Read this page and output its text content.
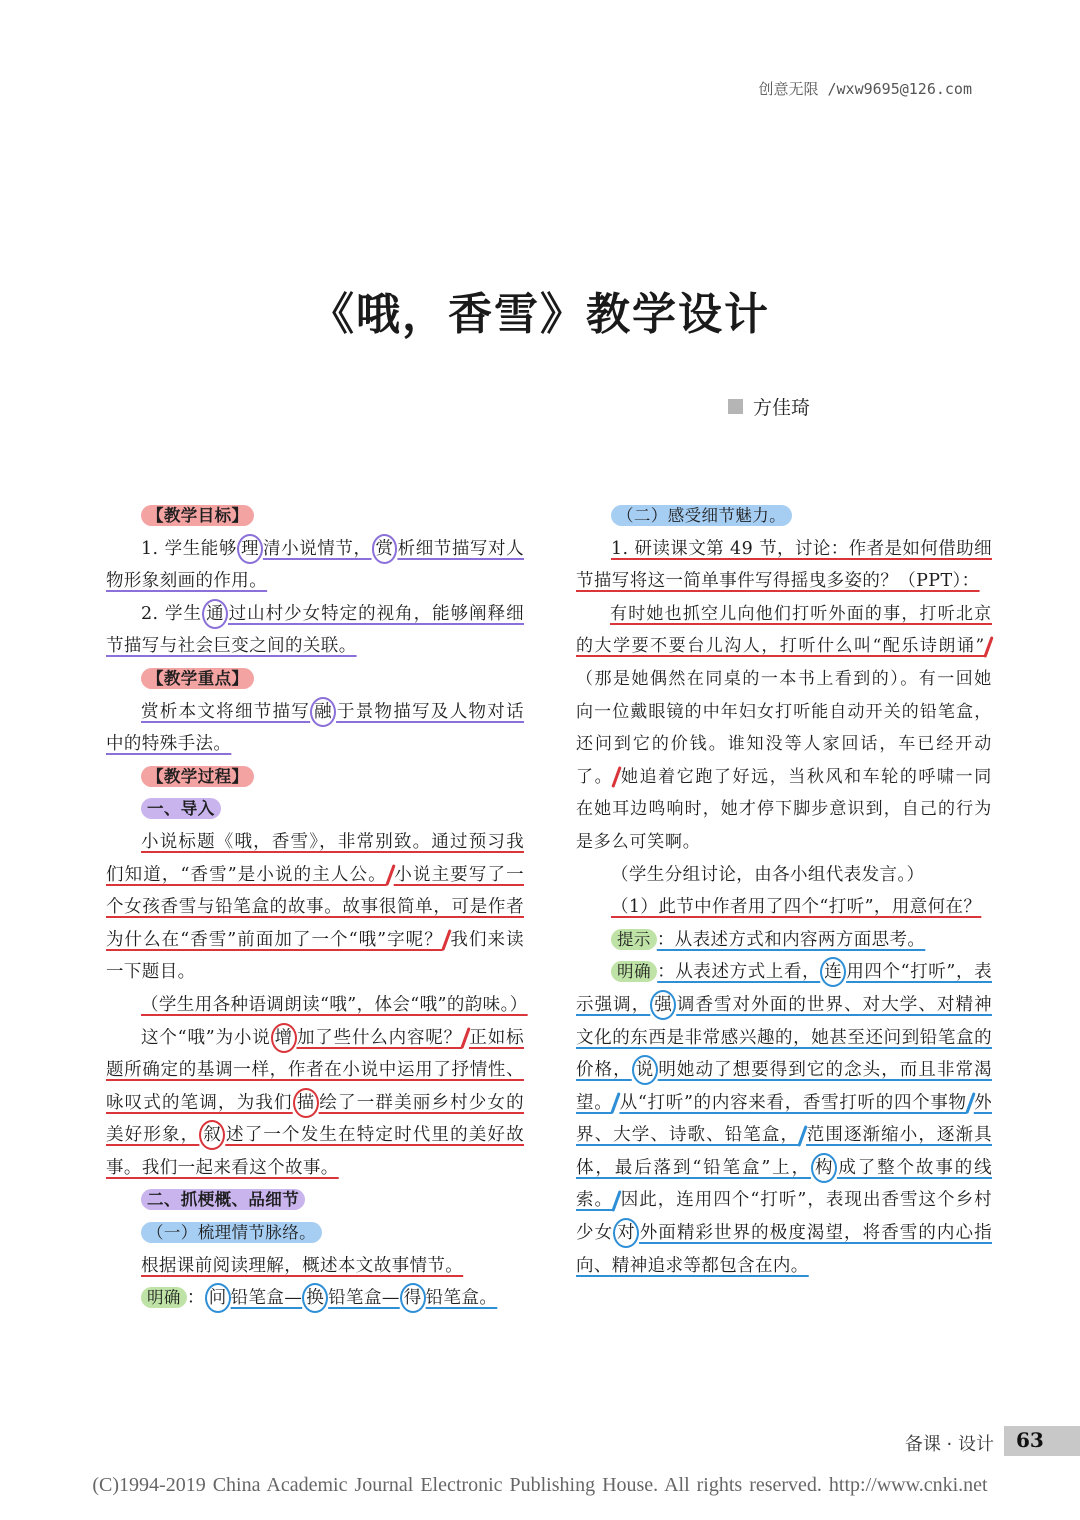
创意无限 /wxw9695@126.com
《哦，香雪》教学设计
方佳琦

【教学目标】

1. 学生能够 理 清小说情节， 赏 析细节描写对人物形象刻画的作用。

2. 学生 通 过山村少女特定的视角，能够阐释细节描写与社会巨变之间的关联。

【教学重点】

赏析本文将细节描写 融 于景物描写及人物对话中的特殊手法。

【教学过程】

一、导入

小说标题《哦，香雪》，非常别致。通过预习我们知道，“香雪”是小说的主人公。 小说主要写了一个女孩香雪与铅笔盒的故事。故事很简单，可是作者为什么在“香雪”前面加了一个“哦”字呢？ 我们来读一下题目。

（学生用各种语调朗读“哦”，体会“哦”的韵味。）

这个“哦”为小说 增 加了些什么内容呢？ 正如标题所确定的基调一样，作者在小说中运用了抒情性、咏叹式的笔调，为我们 描 绘了一群美丽乡村少女的美好形象， 叙 述了一个发生在特定时代里的美好故事。我们一起来看这个故事。

二、抓梗概、品细节

（一）梳理情节脉络。

根据课前阅读理解，概述本文故事情节。

明确 ： 问 铅笔盒— 换 铅笔盒— 得 铅笔盒。

（二）感受细节魅力。

1. 研读课文第 49 节，讨论：作者是如何借助细节描写将这一简单事件写得摇曳多姿的？（PPT）：

有时她也抓空儿向他们打听外面的事，打听北京的大学要不要台儿沟人，打听什么叫“配乐诗朗诵”（那是她偶然在同桌的一本书上看到的）。有一回她向一位戴眼镜的中年妇女打听能自动开关的铅笔盒，还问到它的价钱。谁知没等人家回话，车已经开动了。 她追着它跑了好远，当秋风和车轮的呼啸一同在她耳边鸣响时，她才停下脚步意识到，自己的行为是多么可笑啊。

（学生分组讨论，由各小组代表发言。）

（1）此节中作者用了四个“打听”，用意何在？

提示 ：从表述方式和内容两方面思考。

明确 ：从表述方式上看， 连 用四个“打听”，表示强调， 强 调香雪对外面的世界、对大学、对精神文化的东西是非常感兴趣的，她甚至还问到铅笔盒的价格， 说 明她动了想要得到它的念头，而且非常渴望。 从“打听”的内容来看，香雪打听的四个事物 外界、大学、诗歌、铅笔盒， 范围逐渐缩小，逐渐具体，最后落到“铅笔盒”上， 构 成了整个故事的线索。 因此，连用四个“打听”，表现出香雪这个乡村少女 对 外面精彩世界的极度渴望，将香雪的内心指向、精神追求等都包含在内。

备课 · 设计	63
(C)1994-2019 China Academic Journal Electronic Publishing House. All rights reserved. http://www.cnki.net
